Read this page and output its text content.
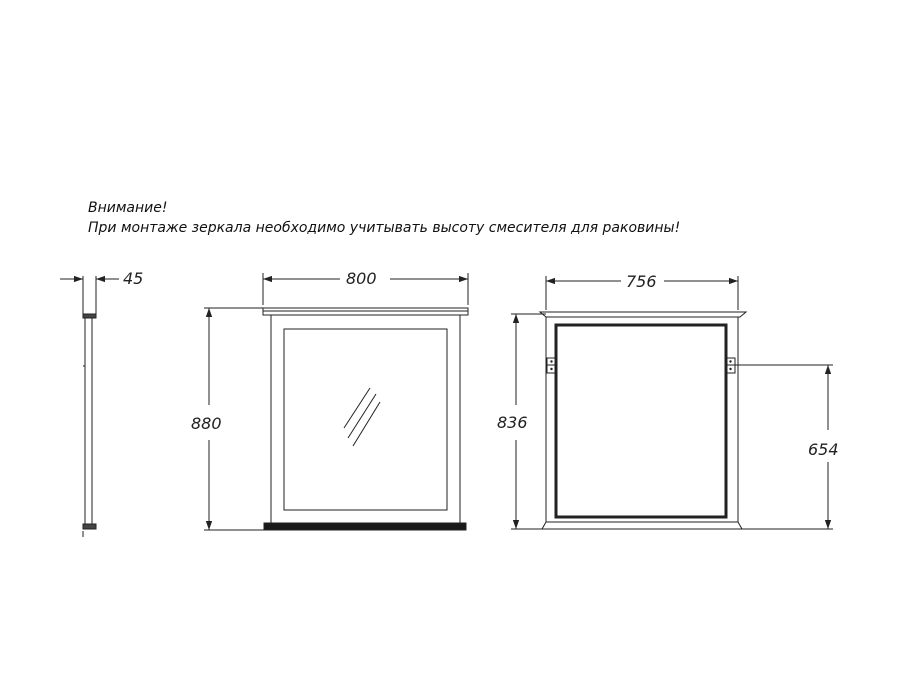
Внимание!
При монтаже зеркала необходимо учитывать высоту смесителя для раковины!
45	800
880
756
836
654
